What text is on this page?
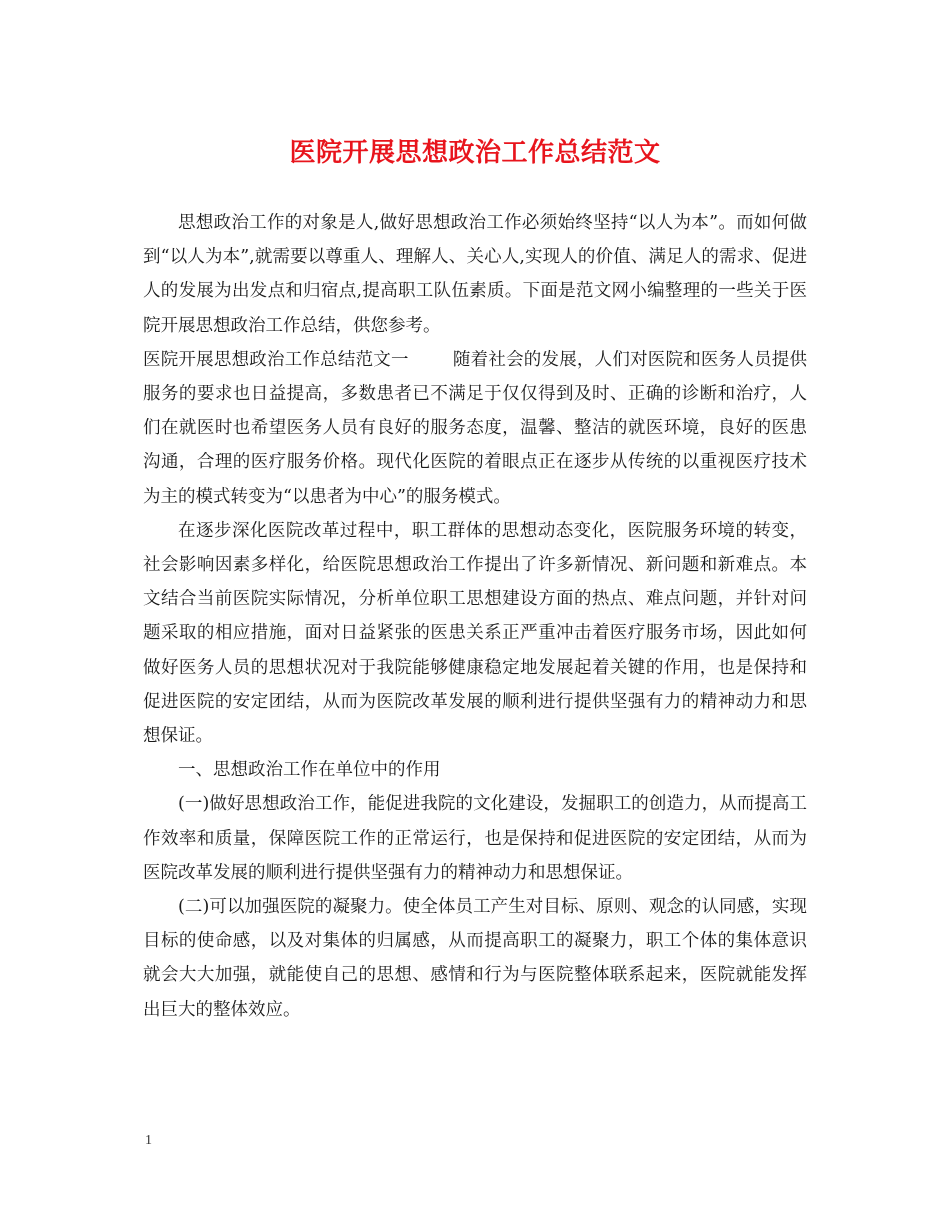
医院开展思想政治工作总结范文

思想政治工作的对象是人,做好思想政治工作必须始终坚持“以人为本”。而如何做到“以人为本”,就需要以尊重人、理解人、关心人,实现人的价值、满足人的需求、促进人的发展为出发点和归宿点,提高职工队伍素质。下面是范文网小编整理的一些关于医院开展思想政治工作总结，供您参考。

医院开展思想政治工作总结范文一	随着社会的发展，人们对医院和医务人员提供服务的要求也日益提高，多数患者已不满足于仅仅得到及时、正确的诊断和治疗，人们在就医时也希望医务人员有良好的服务态度，温馨、整洁的就医环境，良好的医患沟通，合理的医疗服务价格。现代化医院的着眼点正在逐步从传统的以重视医疗技术为主的模式转变为“以患者为中心”的服务模式。

在逐步深化医院改革过程中，职工群体的思想动态变化，医院服务环境的转变，社会影响因素多样化，给医院思想政治工作提出了许多新情况、新问题和新难点。本文结合当前医院实际情况，分析单位职工思想建设方面的热点、难点问题，并针对问题采取的相应措施，面对日益紧张的医患关系正严重冲击着医疗服务市场，因此如何做好医务人员的思想状况对于我院能够健康稳定地发展起着关键的作用，也是保持和促进医院的安定团结，从而为医院改革发展的顺利进行提供坚强有力的精神动力和思想保证。

一、思想政治工作在单位中的作用

(一)做好思想政治工作，能促进我院的文化建设，发掘职工的创造力，从而提高工作效率和质量，保障医院工作的正常运行，也是保持和促进医院的安定团结，从而为医院改革发展的顺利进行提供坚强有力的精神动力和思想保证。

(二)可以加强医院的凝聚力。使全体员工产生对目标、原则、观念的认同感，实现目标的使命感，以及对集体的归属感，从而提高职工的凝聚力，职工个体的集体意识就会大大加强，就能使自己的思想、感情和行为与医院整体联系起来，医院就能发挥出巨大的整体效应。

1
